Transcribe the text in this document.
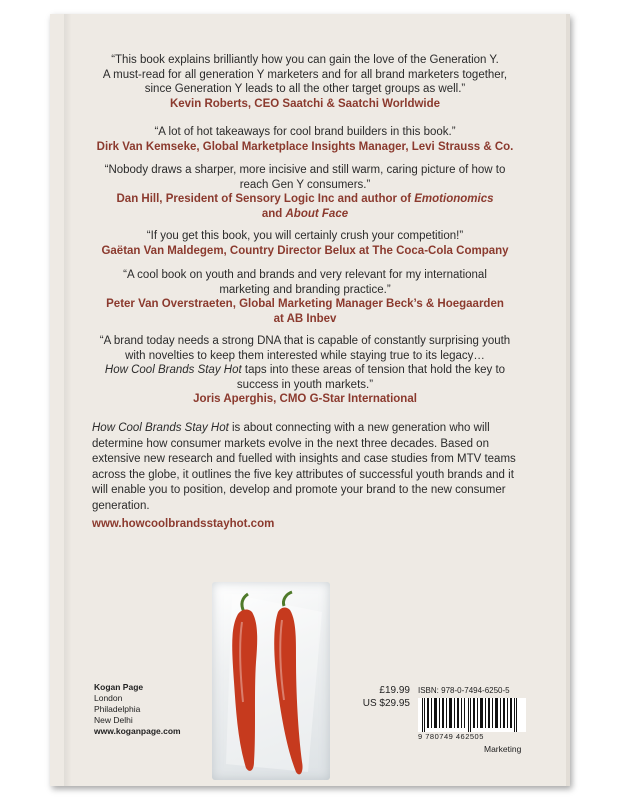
“This book explains brilliantly how you can gain the love of the Generation Y.

A must-read for all generation Y marketers and for all brand marketers together,

since Generation Y leads to all the other target groups as well.”

Kevin Roberts, CEO Saatchi & Saatchi Worldwide

“A lot of hot takeaways for cool brand builders in this book.”

Dirk Van Kemseke, Global Marketplace Insights Manager, Levi Strauss & Co.

“Nobody draws a sharper, more incisive and still warm, caring picture of how to

reach Gen Y consumers.”

Dan Hill, President of Sensory Logic Inc and author of Emotionomics

and About Face

“If you get this book, you will certainly crush your competition!”

Gaëtan Van Maldegem, Country Director Belux at The Coca-Cola Company

“A cool book on youth and brands and very relevant for my international

marketing and branding practice.”

Peter Van Overstraeten, Global Marketing Manager Beck’s & Hoegaarden

at AB Inbev

“A brand today needs a strong DNA that is capable of constantly surprising youth

with novelties to keep them interested while staying true to its legacy…

How Cool Brands Stay Hot taps into these areas of tension that hold the key to

success in youth markets.”

Joris Aperghis, CMO G-Star International

How Cool Brands Stay Hot is about connecting with a new generation who will determine how consumer markets evolve in the next three decades. Based on extensive new research and fuelled with insights and case studies from MTV teams across the globe, it outlines the five key attributes of successful youth brands and it will enable you to position, develop and promote your brand to the new consumer generation.

www.howcoolbrandsstayhot.com
Kogan Page
London
Philadelphia
New Delhi
www.koganpage.com
£19.99
US $29.95
ISBN: 978-0-7494-6250-5
9 780749 462505
Marketing
